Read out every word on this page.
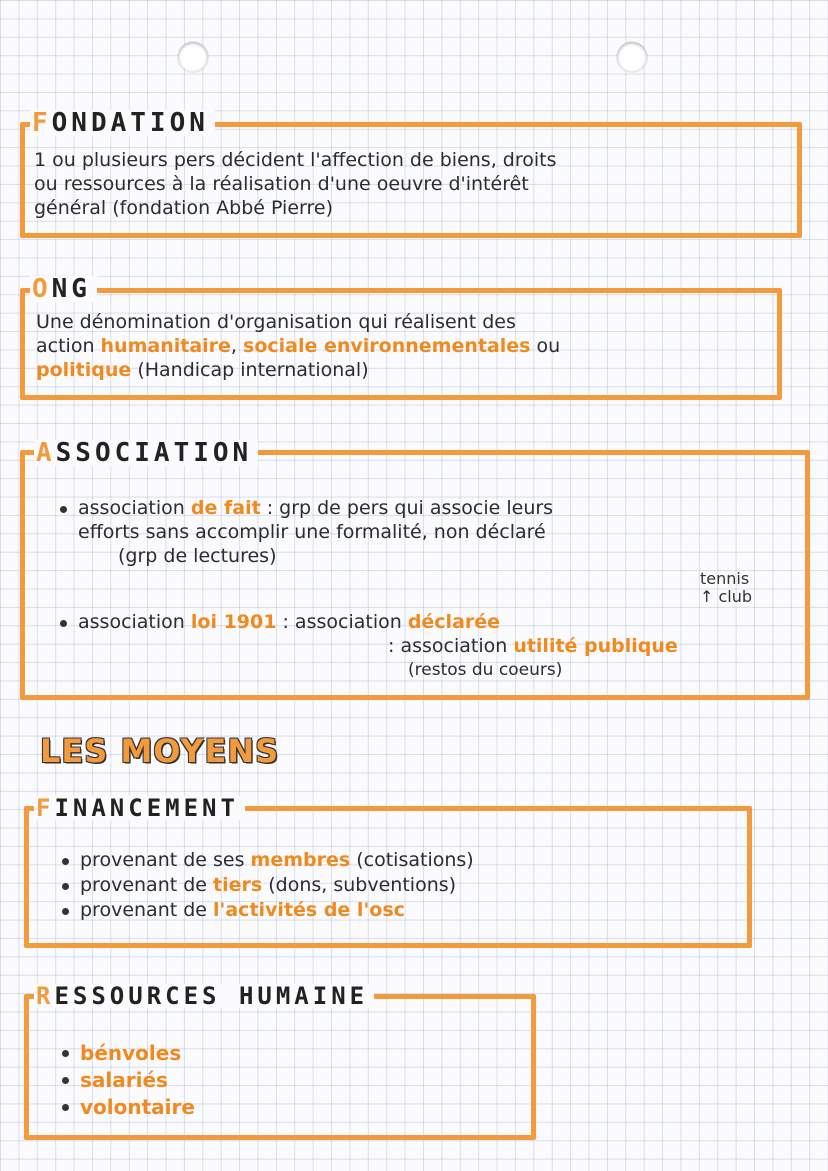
FONDATION
1 ou plusieurs pers décident l'affection de biens, droits
ou ressources à la réalisation d'une oeuvre d'intérêt
général (fondation Abbé Pierre)
ONG
Une dénomination d'organisation qui réalisent des
action humanitaire, sociale environnementales ou
politique (Handicap international)
ASSOCIATION
association de fait : grp de pers qui associe leurs
efforts sans accomplir une formalité, non déclaré
(grp de lectures)
tennis
↑ club
association loi 1901 : association déclarée
: association utilité publique
(restos du coeurs)
LES MOYENS
FINANCEMENT
provenant de ses membres (cotisations)
provenant de tiers (dons, subventions)
provenant de l'activités de l'osc
RESSOURCES HUMAINE
bénvoles
salariés
volontaire
